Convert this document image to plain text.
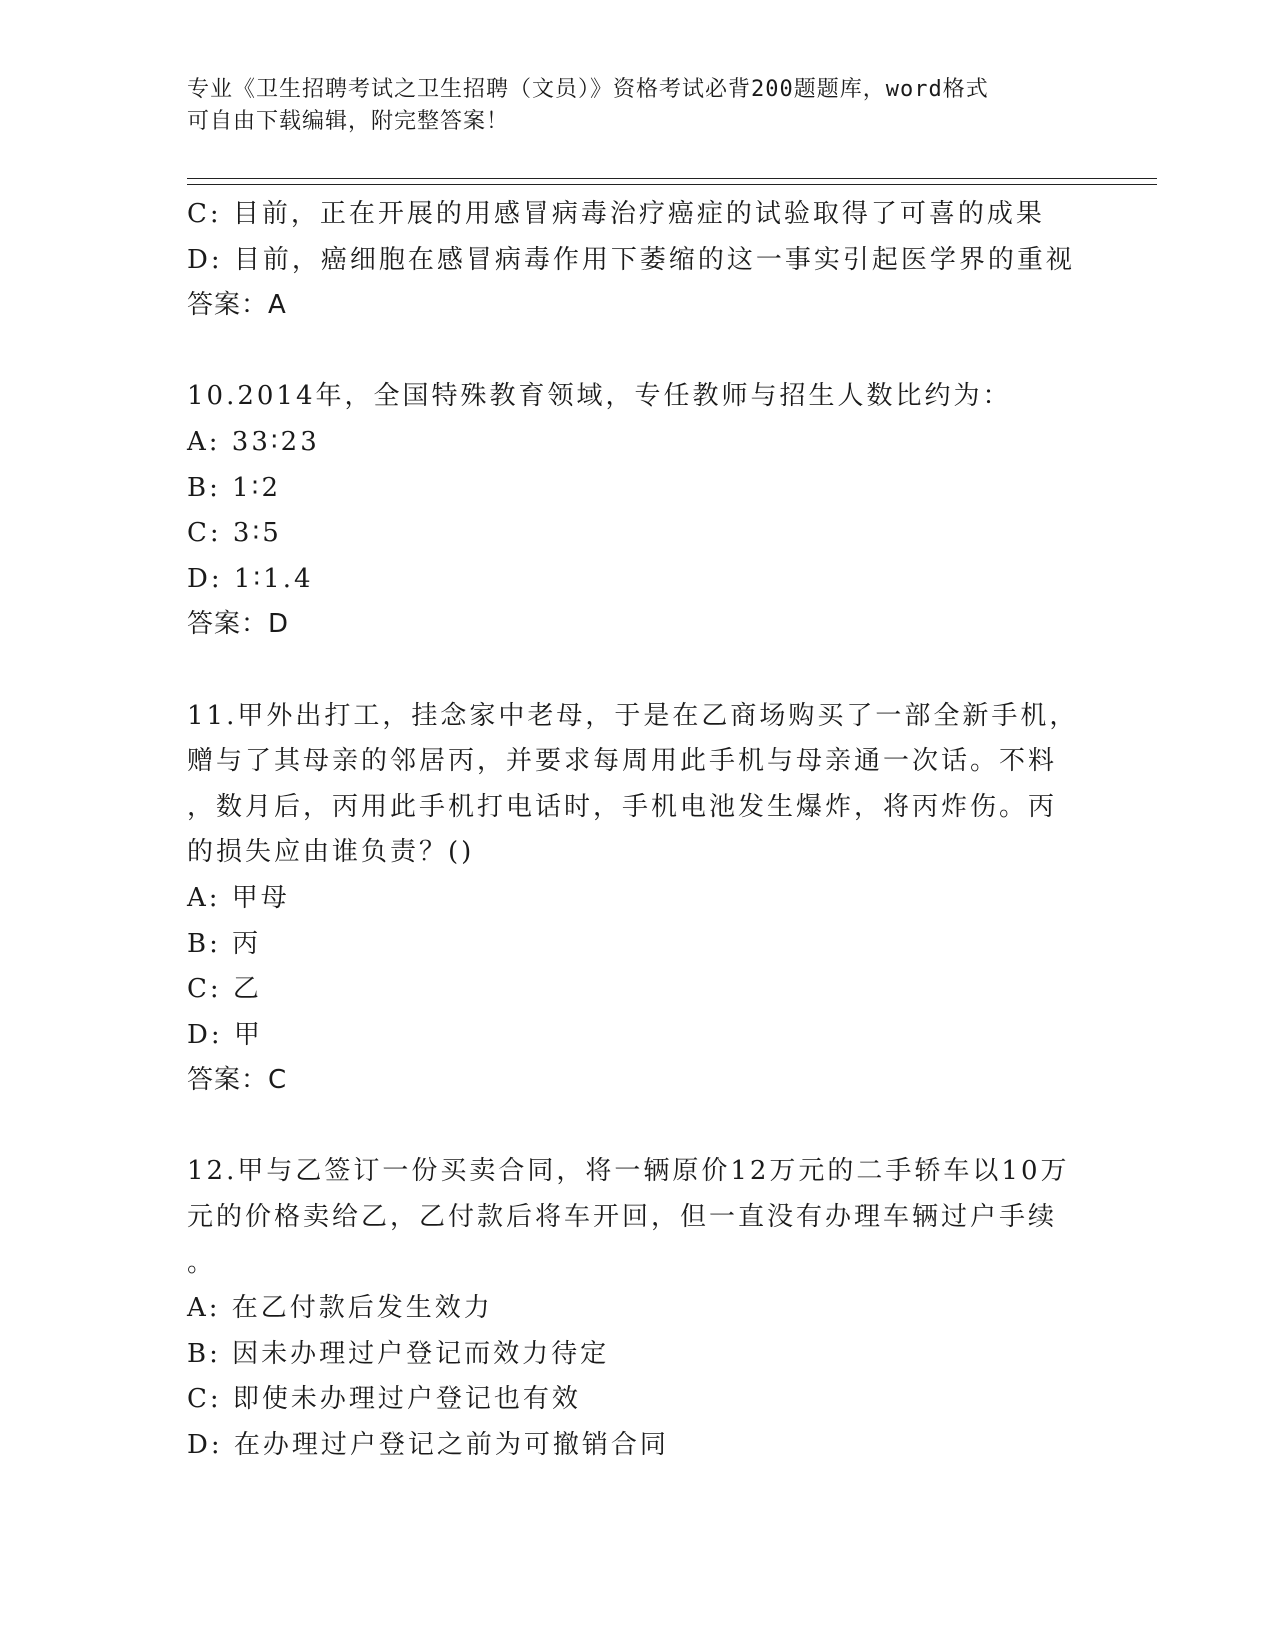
专业《卫生招聘考试之卫生招聘（文员）》资格考试必背200题题库，word格式
可自由下载编辑，附完整答案！
C: 目前，正在开展的用感冒病毒治疗癌症的试验取得了可喜的成果
D: 目前，癌细胞在感冒病毒作用下萎缩的这一事实引起医学界的重视
答案：A
10.2014年，全国特殊教育领域，专任教师与招生人数比约为：
A: 33∶23
B: 1∶2
C: 3∶5
D: 1∶1.4
答案：D
11.甲外出打工，挂念家中老母，于是在乙商场购买了一部全新手机，
赠与了其母亲的邻居丙，并要求每周用此手机与母亲通一次话。不料
，数月后，丙用此手机打电话时，手机电池发生爆炸，将丙炸伤。丙
的损失应由谁负责？()
A: 甲母
B: 丙
C: 乙
D: 甲
答案：C
12.甲与乙签订一份买卖合同，将一辆原价12万元的二手轿车以10万
元的价格卖给乙，乙付款后将车开回，但一直没有办理车辆过户手续
。
A: 在乙付款后发生效力
B: 因未办理过户登记而效力待定
C: 即使未办理过户登记也有效
D: 在办理过户登记之前为可撤销合同
